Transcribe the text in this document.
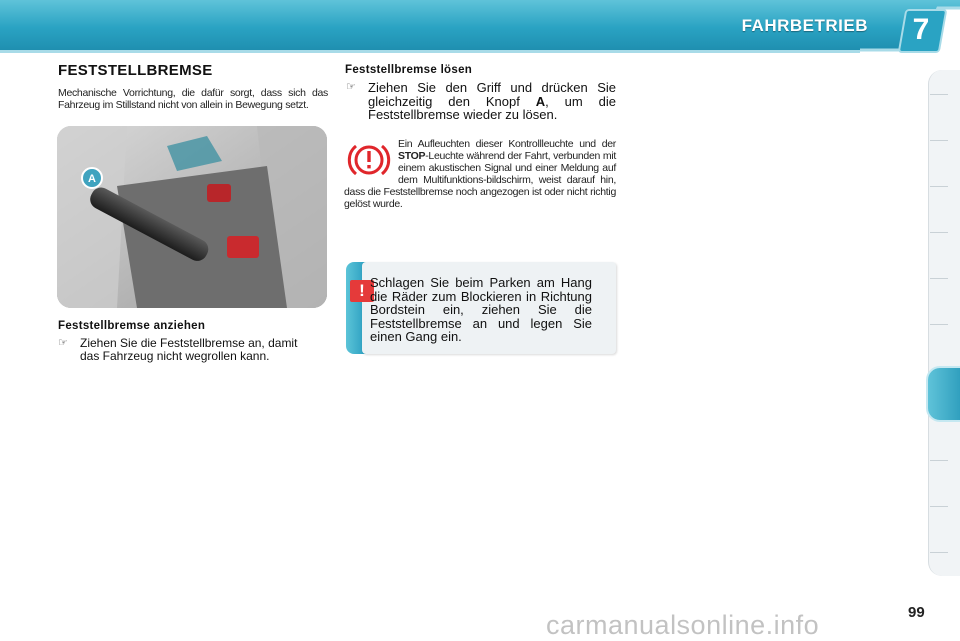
FAHRBETRIEB 7
FESTSTELLBREMSE
Mechanische Vorrichtung, die dafür sorgt, dass sich das Fahrzeug im Stillstand nicht von allein in Bewegung setzt.
A
Feststellbremse anziehen
☞ Ziehen Sie die Feststellbremse an, damit
das Fahrzeug nicht wegrollen kann.
Feststellbremse lösen
☞ Ziehen Sie den Griff und drücken Sie gleichzeitig den Knopf A, um die Feststellbremse wieder zu lösen.
Ein Aufleuchten dieser Kontrollleuchte und der STOP-Leuchte während der Fahrt, verbunden mit einem akustischen Signal und einer Meldung auf dem Multifunktions-bildschirm, weist darauf hin, dass die Feststellbremse noch angezogen ist oder nicht richtig gelöst wurde.
! Schlagen Sie beim Parken am Hang die Räder zum Blockieren in Richtung Bordstein ein, ziehen Sie die Feststellbremse an und legen Sie einen Gang ein.
99
carmanualsonline.info
